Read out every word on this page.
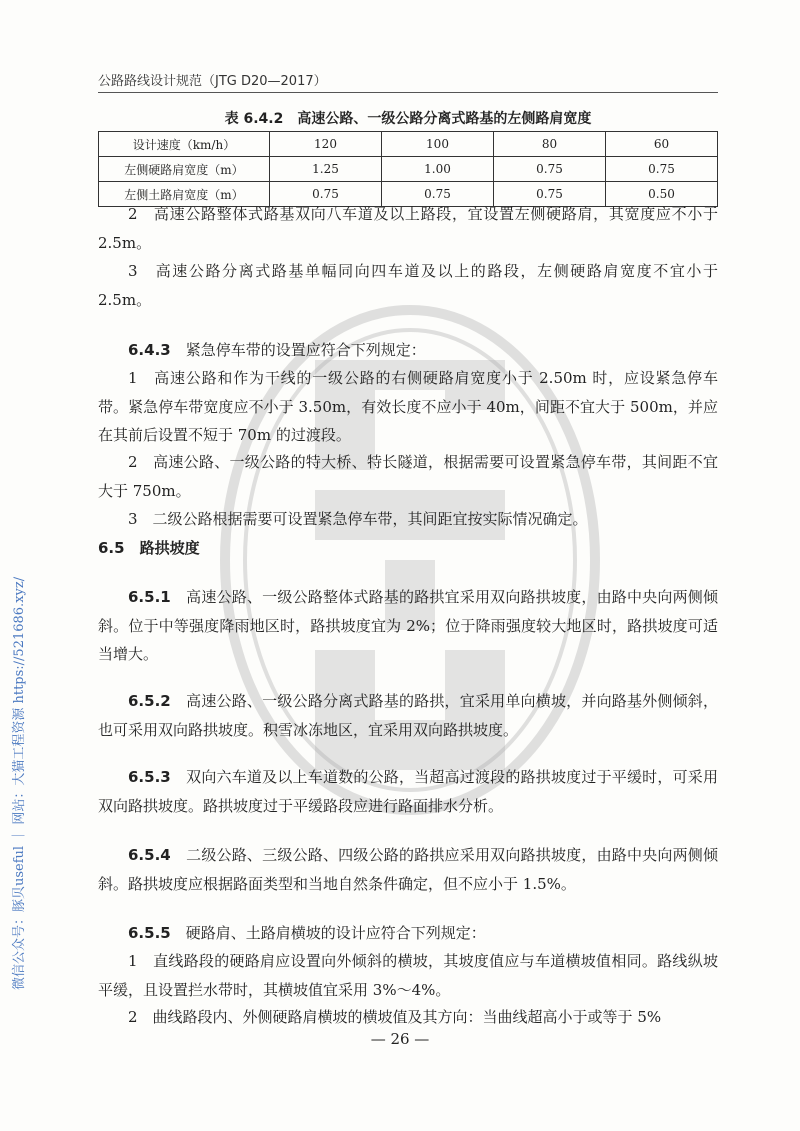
公路路线设计规范（JTG D20—2017）
表 6.4.2　高速公路、一级公路分离式路基的左侧路肩宽度
设计速度（km/h）	120	100	80	60
左侧硬路肩宽度（m）	1.25	1.00	0.75	0.75
左侧土路肩宽度（m）	0.75	0.75	0.75	0.50
2　高速公路整体式路基双向八车道及以上路段，宜设置左侧硬路肩，其宽度应不小于 2.5m。
3　高速公路分离式路基单幅同向四车道及以上的路段，左侧硬路肩宽度不宜小于 2.5m。
6.4.3　 紧急停车带的设置应符合下列规定：
1　高速公路和作为干线的一级公路的右侧硬路肩宽度小于 2.50m 时，应设紧急停车带。紧急停车带宽度应不小于 3.50m，有效长度不应小于 40m，间距不宜大于 500m，并应在其前后设置不短于 70m 的过渡段。
2　高速公路、一级公路的特大桥、特长隧道，根据需要可设置紧急停车带，其间距不宜大于 750m。
3　二级公路根据需要可设置紧急停车带，其间距宜按实际情况确定。
6.5　 路拱坡度
6.5.1　 高速公路、一级公路整体式路基的路拱宜采用双向路拱坡度，由路中央向两侧倾斜。位于中等强度降雨地区时，路拱坡度宜为 2%；位于降雨强度较大地区时，路拱坡度可适当增大。
6.5.2　 高速公路、一级公路分离式路基的路拱，宜采用单向横坡，并向路基外侧倾斜，也可采用双向路拱坡度。积雪冰冻地区，宜采用双向路拱坡度。
6.5.3　 双向六车道及以上车道数的公路，当超高过渡段的路拱坡度过于平缓时，可采用双向路拱坡度。路拱坡度过于平缓路段应进行路面排水分析。
6.5.4　 二级公路、三级公路、四级公路的路拱应采用双向路拱坡度，由路中央向两侧倾斜。路拱坡度应根据路面类型和当地自然条件确定，但不应小于 1.5%。
6.5.5　 硬路肩、土路肩横坡的设计应符合下列规定：
1　直线路段的硬路肩应设置向外倾斜的横坡，其坡度值应与车道横坡值相同。路线纵坡平缓，且设置拦水带时，其横坡值宜采用 3%～4%。
2　曲线路段内、外侧硬路肩横坡的横坡值及其方向：当曲线超高小于或等于 5%
— 26 —
微信公众号：豚贝useful ｜ 网站：大猫工程资源 https://521686.xyz/
